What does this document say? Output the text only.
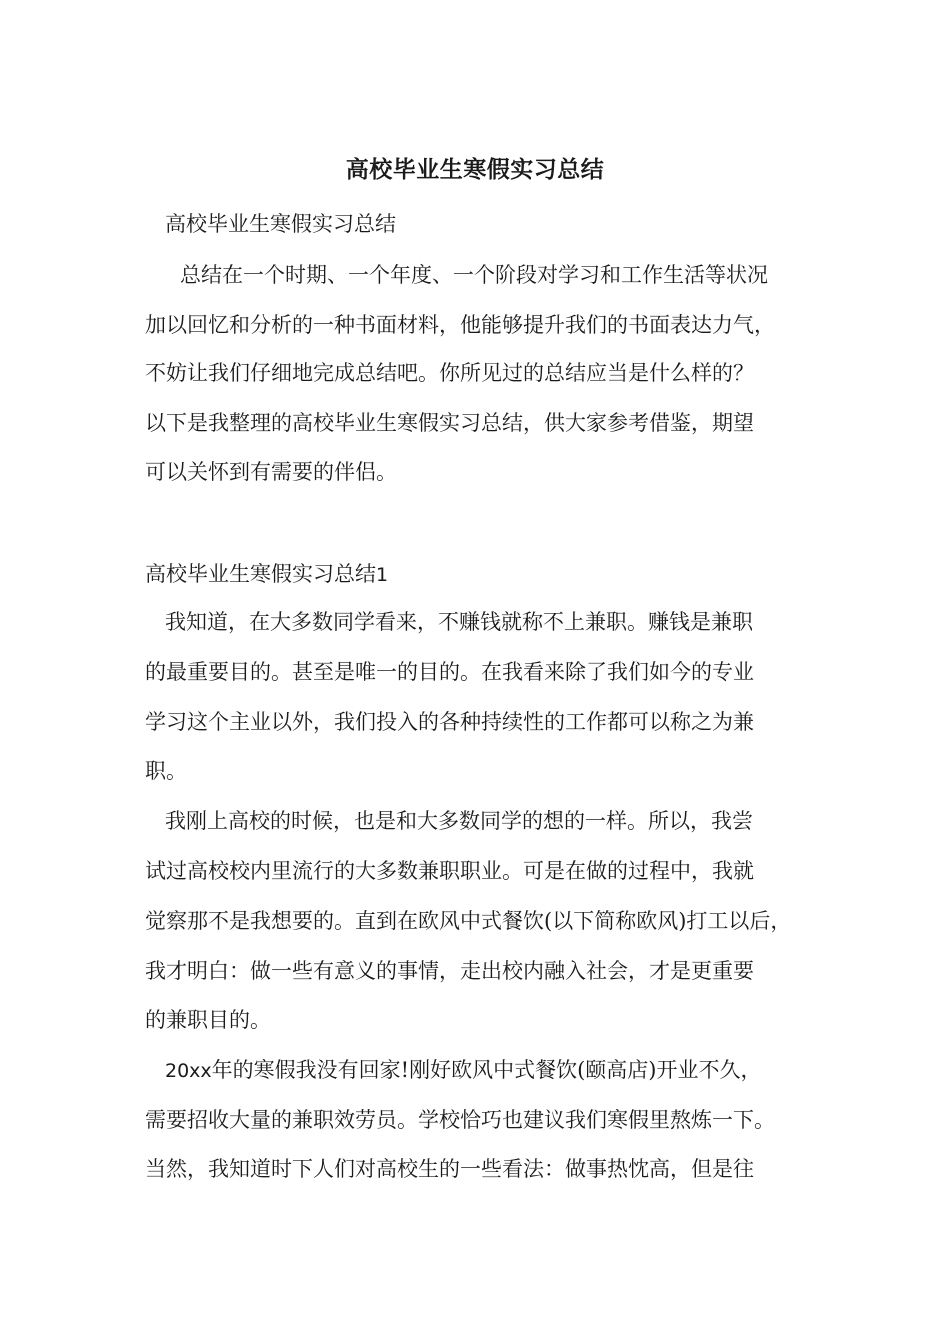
高校毕业生寒假实习总结
高校毕业生寒假实习总结
总结在一个时期、一个年度、一个阶段对学习和工作生活等状况
加以回忆和分析的一种书面材料，他能够提升我们的书面表达力气，
不妨让我们仔细地完成总结吧。你所见过的总结应当是什么样的？
以下是我整理的高校毕业生寒假实习总结，供大家参考借鉴，期望
可以关怀到有需要的伴侣。
高校毕业生寒假实习总结1
我知道，在大多数同学看来，不赚钱就称不上兼职。赚钱是兼职
的最重要目的。甚至是唯一的目的。在我看来除了我们如今的专业
学习这个主业以外，我们投入的各种持续性的工作都可以称之为兼
职。
我刚上高校的时候，也是和大多数同学的想的一样。所以，我尝
试过高校校内里流行的大多数兼职职业。可是在做的过程中，我就
觉察那不是我想要的。直到在欧风中式餐饮(以下简称欧风)打工以后，
我才明白：做一些有意义的事情，走出校内融入社会，才是更重要
的兼职目的。
20xx年的寒假我没有回家!刚好欧风中式餐饮(颐高店)开业不久，
需要招收大量的兼职效劳员。学校恰巧也建议我们寒假里熬炼一下。
当然，我知道时下人们对高校生的一些看法：做事热忱高，但是往
